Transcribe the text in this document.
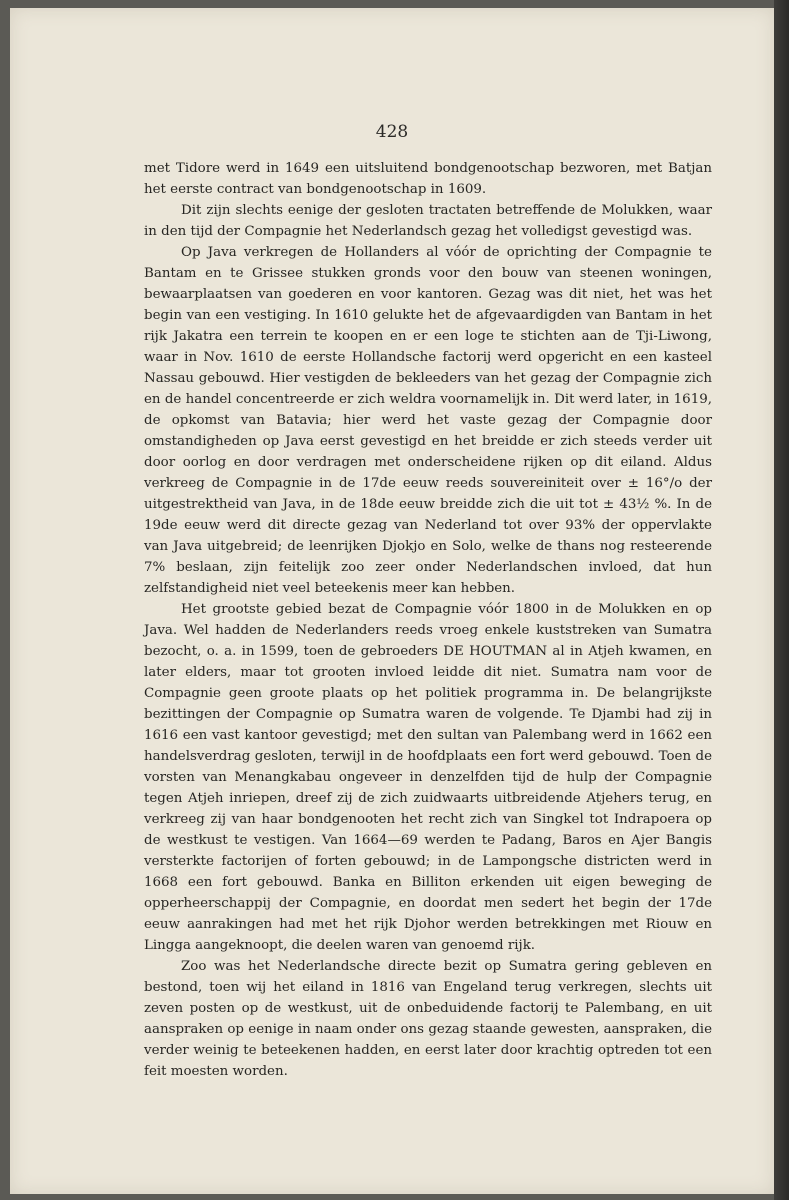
428

met Tidore werd in 1649 een uitsluitend bondgenootschap bezworen, met Batjan het eerste contract van bondgenootschap in 1609.

Dit zijn slechts eenige der gesloten tractaten betreffende de Molukken, waar in den tijd der Compagnie het Nederlandsch gezag het volledigst gevestigd was.

Op Java verkregen de Hollanders al vóór de oprichting der Compagnie te Bantam en te Grissee stukken gronds voor den bouw van steenen woningen, bewaarplaatsen van goederen en voor kantoren. Gezag was dit niet, het was het begin van een vestiging. In 1610 gelukte het de afgevaardigden van Bantam in het rijk Jakatra een terrein te koopen en er een loge te stichten aan de Tji-Liwong, waar in Nov. 1610 de eerste Hollandsche factorij werd opgericht en een kasteel Nassau gebouwd. Hier vestigden de bekleeders van het gezag der Compagnie zich en de handel concentreerde er zich weldra voornamelijk in. Dit werd later, in 1619, de opkomst van Batavia; hier werd het vaste gezag der Compagnie door omstandigheden op Java eerst gevestigd en het breidde er zich steeds verder uit door oorlog en door verdragen met onderscheidene rijken op dit eiland. Aldus verkreeg de Compagnie in de 17de eeuw reeds souvereiniteit over ± 16°/o der uitgestrektheid van Java, in de 18de eeuw breidde zich die uit tot ± 43½ %. In de 19de eeuw werd dit directe gezag van Nederland tot over 93% der oppervlakte van Java uitgebreid; de leenrijken Djokjo en Solo, welke de thans nog resteerende 7% beslaan, zijn feitelijk zoo zeer onder Nederlandschen invloed, dat hun zelfstandigheid niet veel beteekenis meer kan hebben.

Het grootste gebied bezat de Compagnie vóór 1800 in de Molukken en op Java. Wel hadden de Nederlanders reeds vroeg enkele kuststreken van Sumatra bezocht, o. a. in 1599, toen de gebroeders DE HOUTMAN al in Atjeh kwamen, en later elders, maar tot grooten invloed leidde dit niet. Sumatra nam voor de Compagnie geen groote plaats op het politiek programma in. De belangrijkste bezittingen der Compagnie op Sumatra waren de volgende. Te Djambi had zij in 1616 een vast kantoor gevestigd; met den sultan van Palembang werd in 1662 een handelsverdrag gesloten, terwijl in de hoofdplaats een fort werd gebouwd. Toen de vorsten van Menangkabau ongeveer in denzelfden tijd de hulp der Compagnie tegen Atjeh inriepen, dreef zij de zich zuidwaarts uitbreidende Atjehers terug, en verkreeg zij van haar bondgenooten het recht zich van Singkel tot Indrapoera op de westkust te vestigen. Van 1664—69 werden te Padang, Baros en Ajer Bangis versterkte factorijen of forten gebouwd; in de Lampongsche districten werd in 1668 een fort gebouwd. Banka en Billiton erkenden uit eigen beweging de opperheerschappij der Compagnie, en doordat men sedert het begin der 17de eeuw aanrakingen had met het rijk Djohor werden betrekkingen met Riouw en Lingga aangeknoopt, die deelen waren van genoemd rijk.

Zoo was het Nederlandsche directe bezit op Sumatra gering gebleven en bestond, toen wij het eiland in 1816 van Engeland terug verkregen, slechts uit zeven posten op de westkust, uit de onbeduidende factorij te Palembang, en uit aanspraken op eenige in naam onder ons gezag staande gewesten, aanspraken, die verder weinig te beteekenen hadden, en eerst later door krachtig optreden tot een feit moesten worden.
